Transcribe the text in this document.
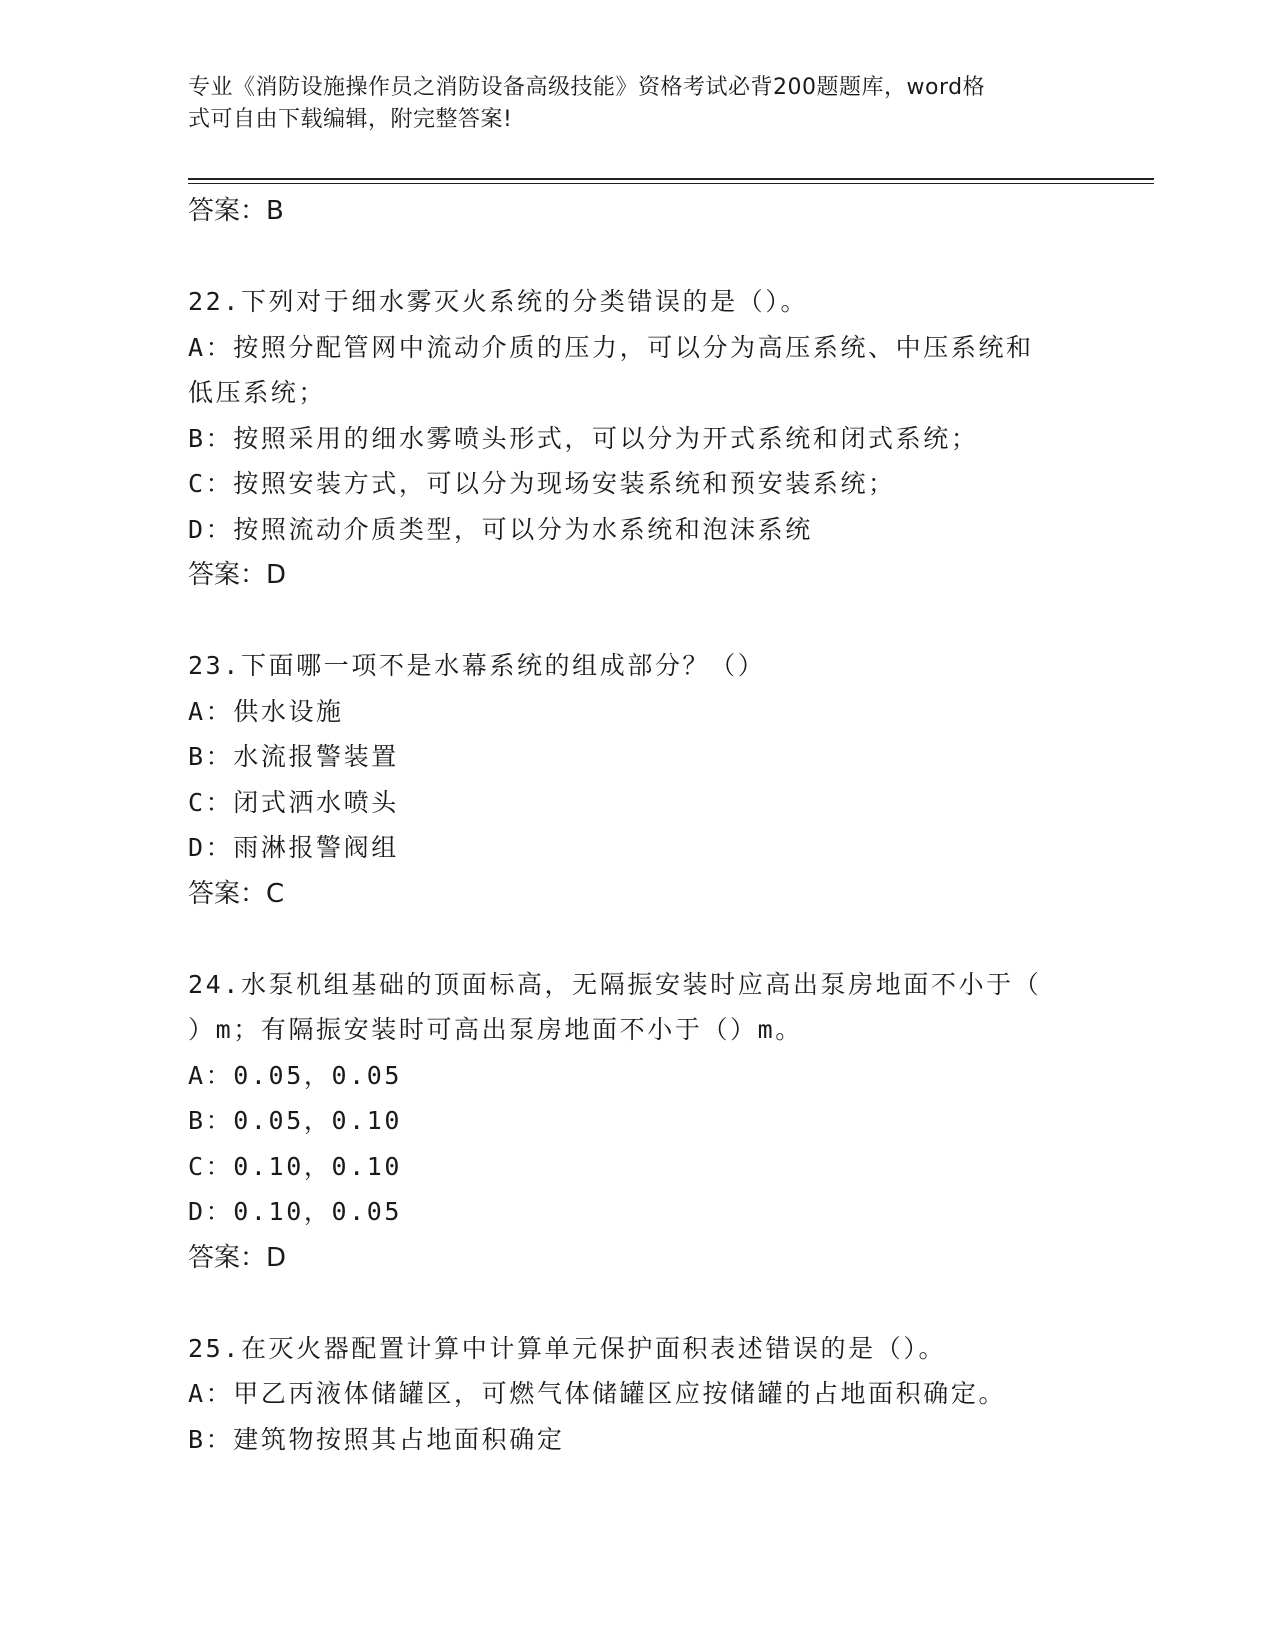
专业《消防设施操作员之消防设备高级技能》资格考试必背200题题库，word格
式可自由下载编辑，附完整答案!
答案：B
22.下列对于细水雾灭火系统的分类错误的是（）。
A：按照分配管网中流动介质的压力，可以分为高压系统、中压系统和
低压系统；
B：按照采用的细水雾喷头形式，可以分为开式系统和闭式系统；
C：按照安装方式，可以分为现场安装系统和预安装系统；
D：按照流动介质类型，可以分为水系统和泡沫系统
答案：D
23.下面哪一项不是水幕系统的组成部分？（）
A：供水设施
B：水流报警装置
C：闭式洒水喷头
D：雨淋报警阀组
答案：C
24.水泵机组基础的顶面标高，无隔振安装时应高出泵房地面不小于（
）m；有隔振安装时可高出泵房地面不小于（）m。
A：0.05，0.05
B：0.05，0.10
C：0.10，0.10
D：0.10，0.05
答案：D
25.在灭火器配置计算中计算单元保护面积表述错误的是（）。
A：甲乙丙液体储罐区，可燃气体储罐区应按储罐的占地面积确定。
B：建筑物按照其占地面积确定
